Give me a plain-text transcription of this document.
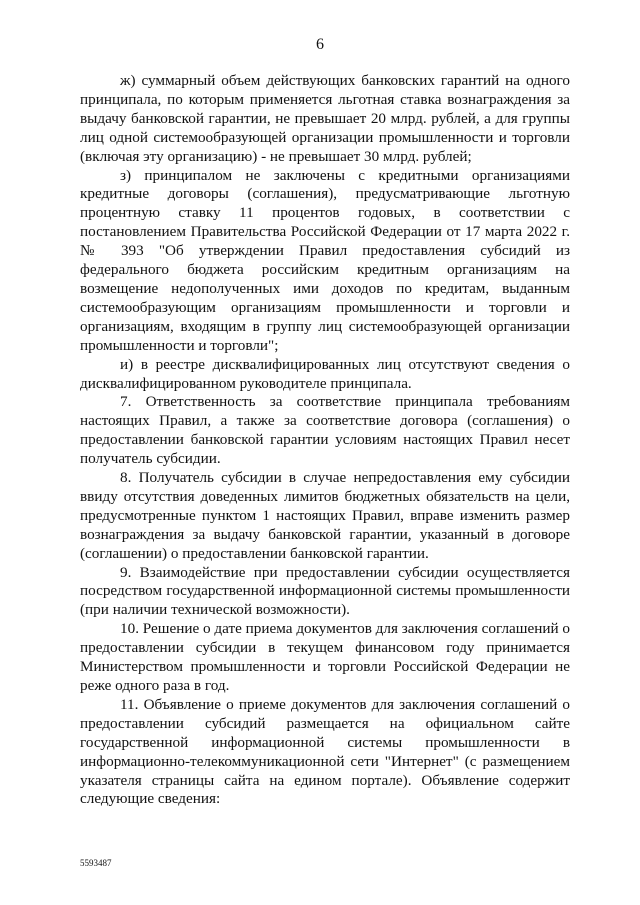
6

ж) суммарный объем действующих банковских гарантий на одного принципала, по которым применяется льготная ставка вознаграждения за выдачу банковской гарантии, не превышает 20 млрд. рублей, а для группы лиц одной системообразующей организации промышленности и торговли (включая эту организацию) - не превышает 30 млрд. рублей;

з) принципалом не заключены с кредитными организациями кредитные договоры (соглашения), предусматривающие льготную процентную ставку 11 процентов годовых, в соответствии с постановлением Правительства Российской Федерации от 17 марта 2022 г. № 393 "Об утверждении Правил предоставления субсидий из федерального бюджета российским кредитным организациям на возмещение недополученных ими доходов по кредитам, выданным системообразующим организациям промышленности и торговли и организациям, входящим в группу лиц системообразующей организации промышленности и торговли";

и) в реестре дисквалифицированных лиц отсутствуют сведения о дисквалифицированном руководителе принципала.

7. Ответственность за соответствие принципала требованиям настоящих Правил, а также за соответствие договора (соглашения) о предоставлении банковской гарантии условиям настоящих Правил несет получатель субсидии.

8. Получатель субсидии в случае непредоставления ему субсидии ввиду отсутствия доведенных лимитов бюджетных обязательств на цели, предусмотренные пунктом 1 настоящих Правил, вправе изменить размер вознаграждения за выдачу банковской гарантии, указанный в договоре (соглашении) о предоставлении банковской гарантии.

9. Взаимодействие при предоставлении субсидии осуществляется посредством государственной информационной системы промышленности (при наличии технической возможности).

10. Решение о дате приема документов для заключения соглашений о предоставлении субсидии в текущем финансовом году принимается Министерством промышленности и торговли Российской Федерации не реже одного раза в год.

11. Объявление о приеме документов для заключения соглашений о предоставлении субсидий размещается на официальном сайте государственной информационной системы промышленности в информационно-телекоммуникационной сети "Интернет" (с размещением указателя страницы сайта на едином портале). Объявление содержит следующие сведения:

5593487
